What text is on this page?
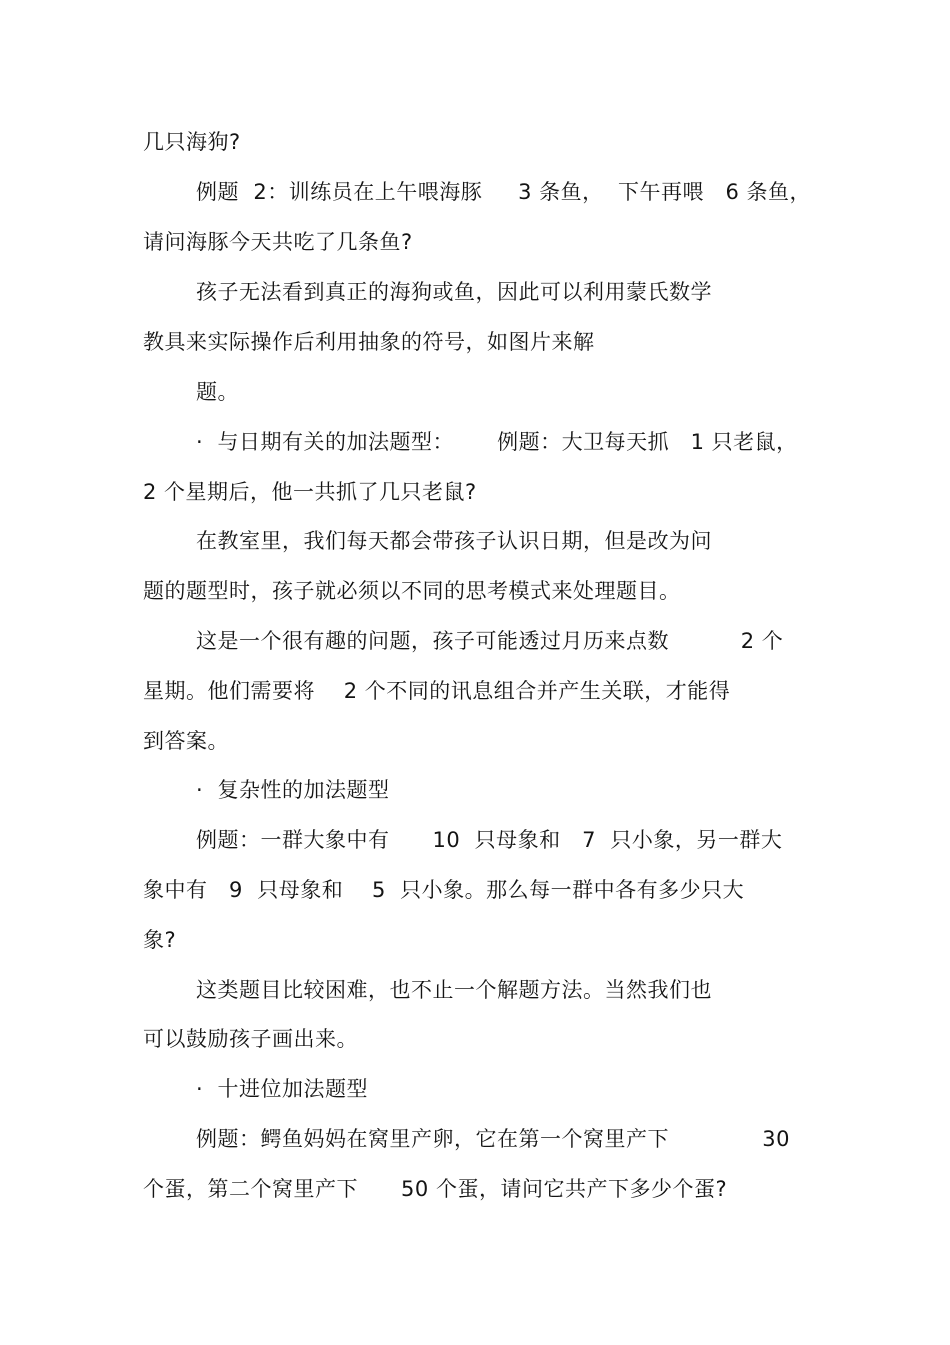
几只海狗?
例题  2：训练员在上午喂海豚     3 条鱼，  下午再喂   6 条鱼，
请问海豚今天共吃了几条鱼?
孩子无法看到真正的海狗或鱼，因此可以利用蒙氏数学
教具来实际操作后利用抽象的符号，如图片来解
题。
·  与日期有关的加法题型：      例题：大卫每天抓   1 只老鼠，
2 个星期后，他一共抓了几只老鼠?
在教室里，我们每天都会带孩子认识日期，但是改为问
题的题型时，孩子就必须以不同的思考模式来处理题目。
这是一个很有趣的问题，孩子可能透过月历来点数          2 个
星期。他们需要将    2 个不同的讯息组合并产生关联，才能得
到答案。
·  复杂性的加法题型
例题：一群大象中有      10  只母象和   7  只小象，另一群大
象中有   9  只母象和    5  只小象。那么每一群中各有多少只大
象?
这类题目比较困难，也不止一个解题方法。当然我们也
可以鼓励孩子画出来。
·  十进位加法题型
例题：鳄鱼妈妈在窝里产卵，它在第一个窝里产下             30
个蛋，第二个窝里产下      50 个蛋，请问它共产下多少个蛋?
